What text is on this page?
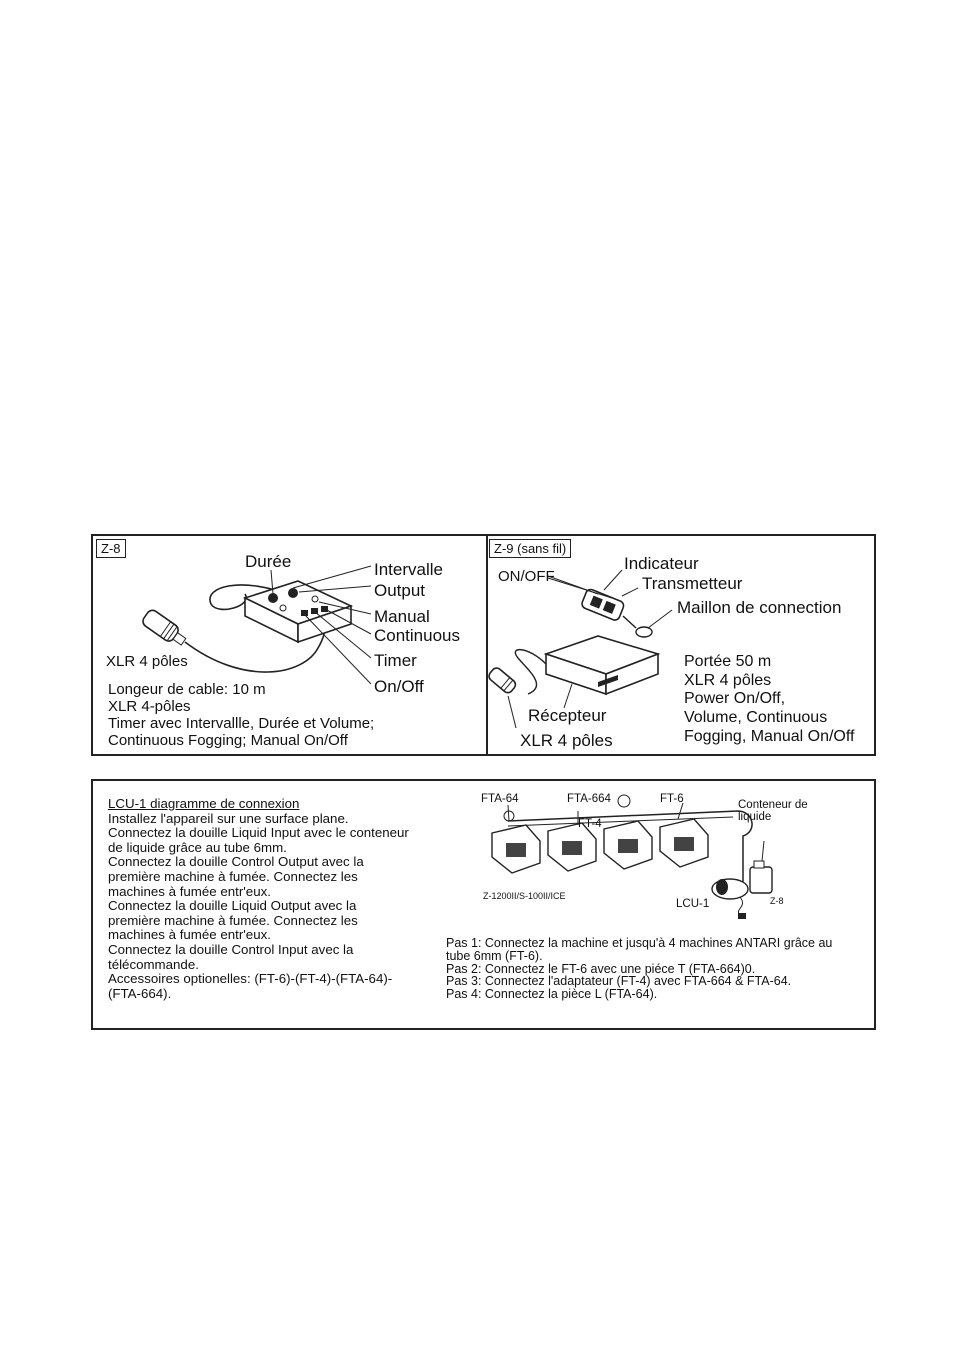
Z-8
Durée	Intervalle
Output
Manual
Continuous
Timer
On/Off
XLR 4 pôles
Longeur de cable: 10 m
XLR 4-pôles
Timer avec Intervallle, Durée et Volume;
Continuous Fogging; Manual On/Off
Z-9 (sans fil)
Indicateur
ON/OFF	Transmetteur
Maillon de connection
Récepteur
XLR 4 pôles
Portée 50 m
XLR 4 pôles
Power On/Off,
Volume, Continuous
Fogging, Manual On/Off
LCU-1 diagramme de connexion
Installez l'appareil sur une surface plane.
Connectez la douille Liquid Input avec le conteneur
de liquide grâce au tube 6mm.
Connectez la douille Control Output avec la
première machine à fumée. Connectez les
machines à fumée entr'eux.
Connectez la douille Liquid Output avec la
première machine à fumée. Connectez les
machines à fumée entr'eux.
Connectez la douille Control Input avec la
télécommande.
Accessoires optionelles: (FT-6)-(FT-4)-(FTA-64)-
(FTA-664).
FTA-64	FTA-664	FT-6
FT-4
Conteneur de
liquide
Z-1200II/S-100II/ICE
LCU-1	Z-8
Pas 1: Connectez la machine et jusqu'à 4 machines ANTARI grâce au
tube 6mm (FT-6).
Pas 2: Connectez le FT-6 avec une piéce T (FTA-664)0.
Pas 3: Connectez l'adaptateur (FT-4) avec FTA-664 & FTA-64.
Pas 4: Connectez la pièce L (FTA-64).
